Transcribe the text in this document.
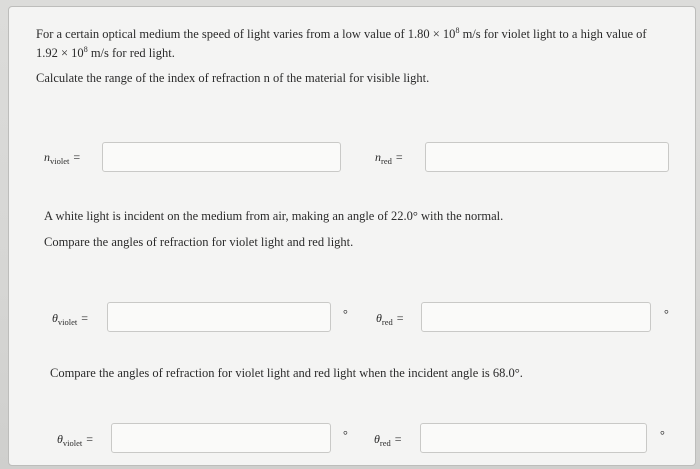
For a certain optical medium the speed of light varies from a low value of $1.80 \times 10^8$ m/s for violet light to a high value of
$1.92 \times 10^8$ m/s for red light.
Calculate the range of the index of refraction n of the material for visible light.
$n_{violet}$ =	$n_{red}$ =
A white light is incident on the medium from air, making an angle of 22.0° with the normal.
Compare the angles of refraction for violet light and red light.
$\theta_{violet}$ =	° $\theta_{red}$ =	°
Compare the angles of refraction for violet light and red light when the incident angle is 68.0°.
$\theta_{violet}$ =	° $\theta_{red}$ =	°
